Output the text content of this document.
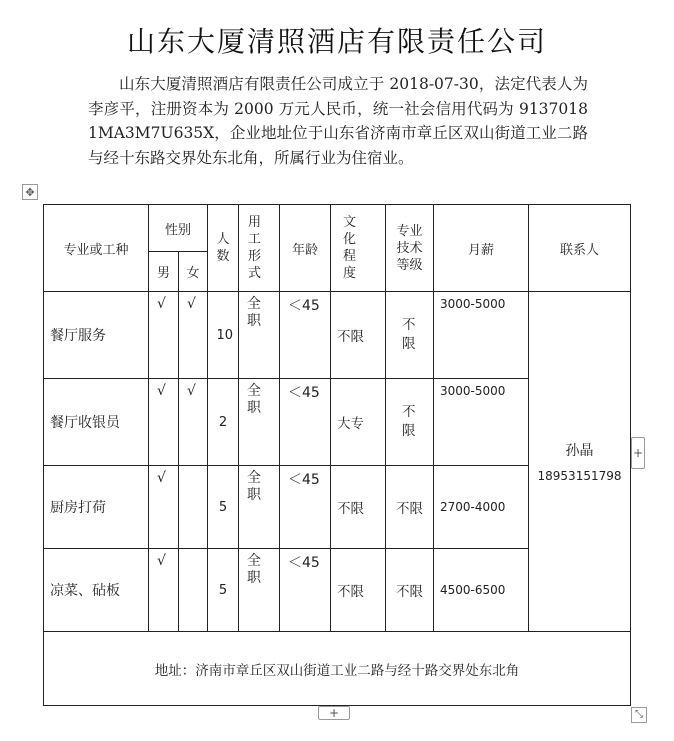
山东大厦清照酒店有限责任公司
山东大厦清照酒店有限责任公司成立于 2018-07-30，法定代表人为李彦平，注册资本为 2000 万元人民币，统一社会信用代码为 91370181MA3M7U635X，企业地址位于山东省济南市章丘区双山街道工业二路与经十东路交界处东北角，所属行业为住宿业。
✥
专业或工种	性别		人数	用工形式	年龄	文化程度	专业技术等级	月薪	联系人
	男	女							
餐厅服务	√	√	10	全职	＜45	不限	不限	3000-5000	孙晶
18953151798

餐厅收银员	√	√	2	全职	＜45	大专	不限	3000-5000	
厨房打荷	√		5	全职	＜45	不限	不限	2700-4000	
凉菜、砧板	√		5	全职	＜45	不限	不限	4500-6500	
地址：济南市章丘区双山街道工业二路与经十路交界处东北角									
+
+	⤡
